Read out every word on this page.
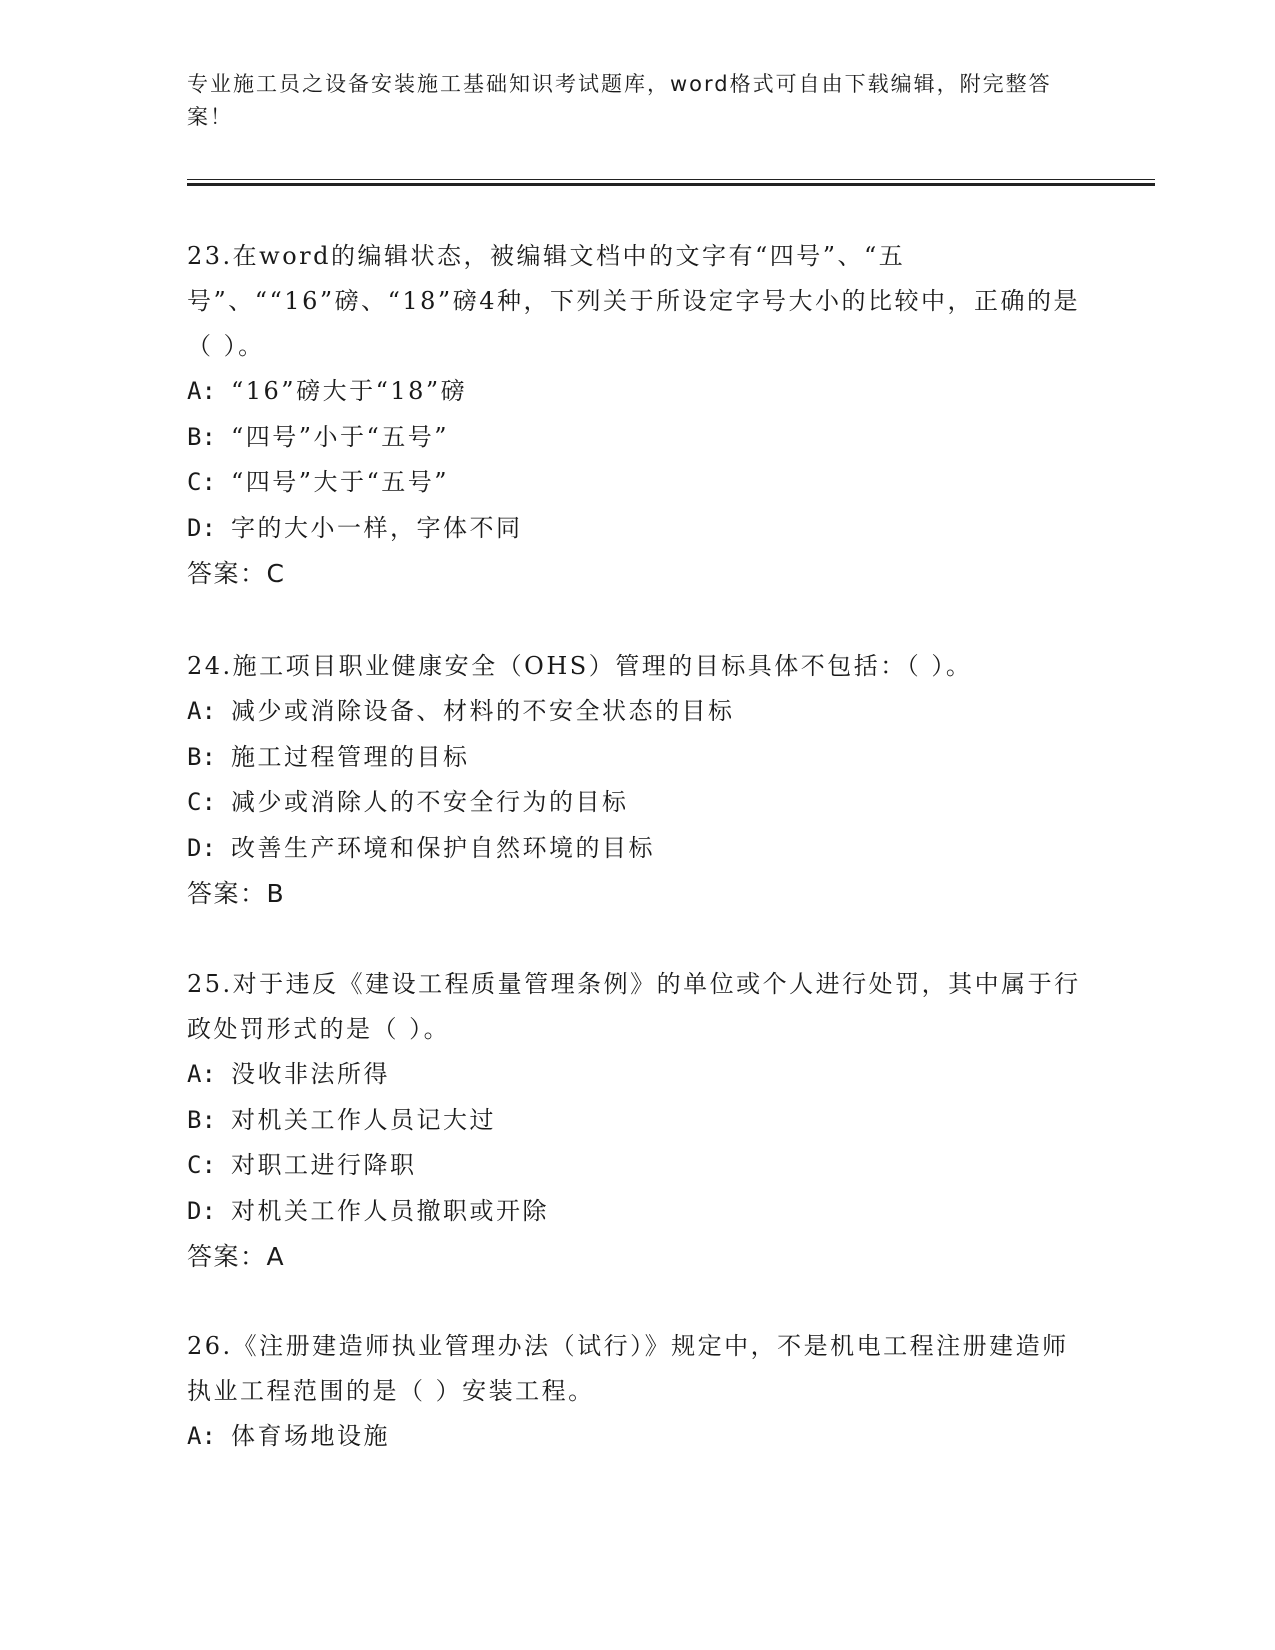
专业施工员之设备安装施工基础知识考试题库，word格式可自由下载编辑，附完整答案！
23.在word的编辑状态，被编辑文档中的文字有“四号”、“五号”、““16”磅、“18”磅4种，下列关于所设定字号大小的比较中，正确的是（ ）。
A: “16”磅大于“18”磅
B: “四号”小于“五号”
C: “四号”大于“五号”
D: 字的大小一样，字体不同
答案：C
24.施工项目职业健康安全（OHS）管理的目标具体不包括：（ ）。
A: 减少或消除设备、材料的不安全状态的目标
B: 施工过程管理的目标
C: 减少或消除人的不安全行为的目标
D: 改善生产环境和保护自然环境的目标
答案：B
25.对于违反《建设工程质量管理条例》的单位或个人进行处罚，其中属于行政处罚形式的是（ ）。
A: 没收非法所得
B: 对机关工作人员记大过
C: 对职工进行降职
D: 对机关工作人员撤职或开除
答案：A
26.《注册建造师执业管理办法（试行）》规定中，不是机电工程注册建造师执业工程范围的是（ ）安装工程。
A: 体育场地设施
